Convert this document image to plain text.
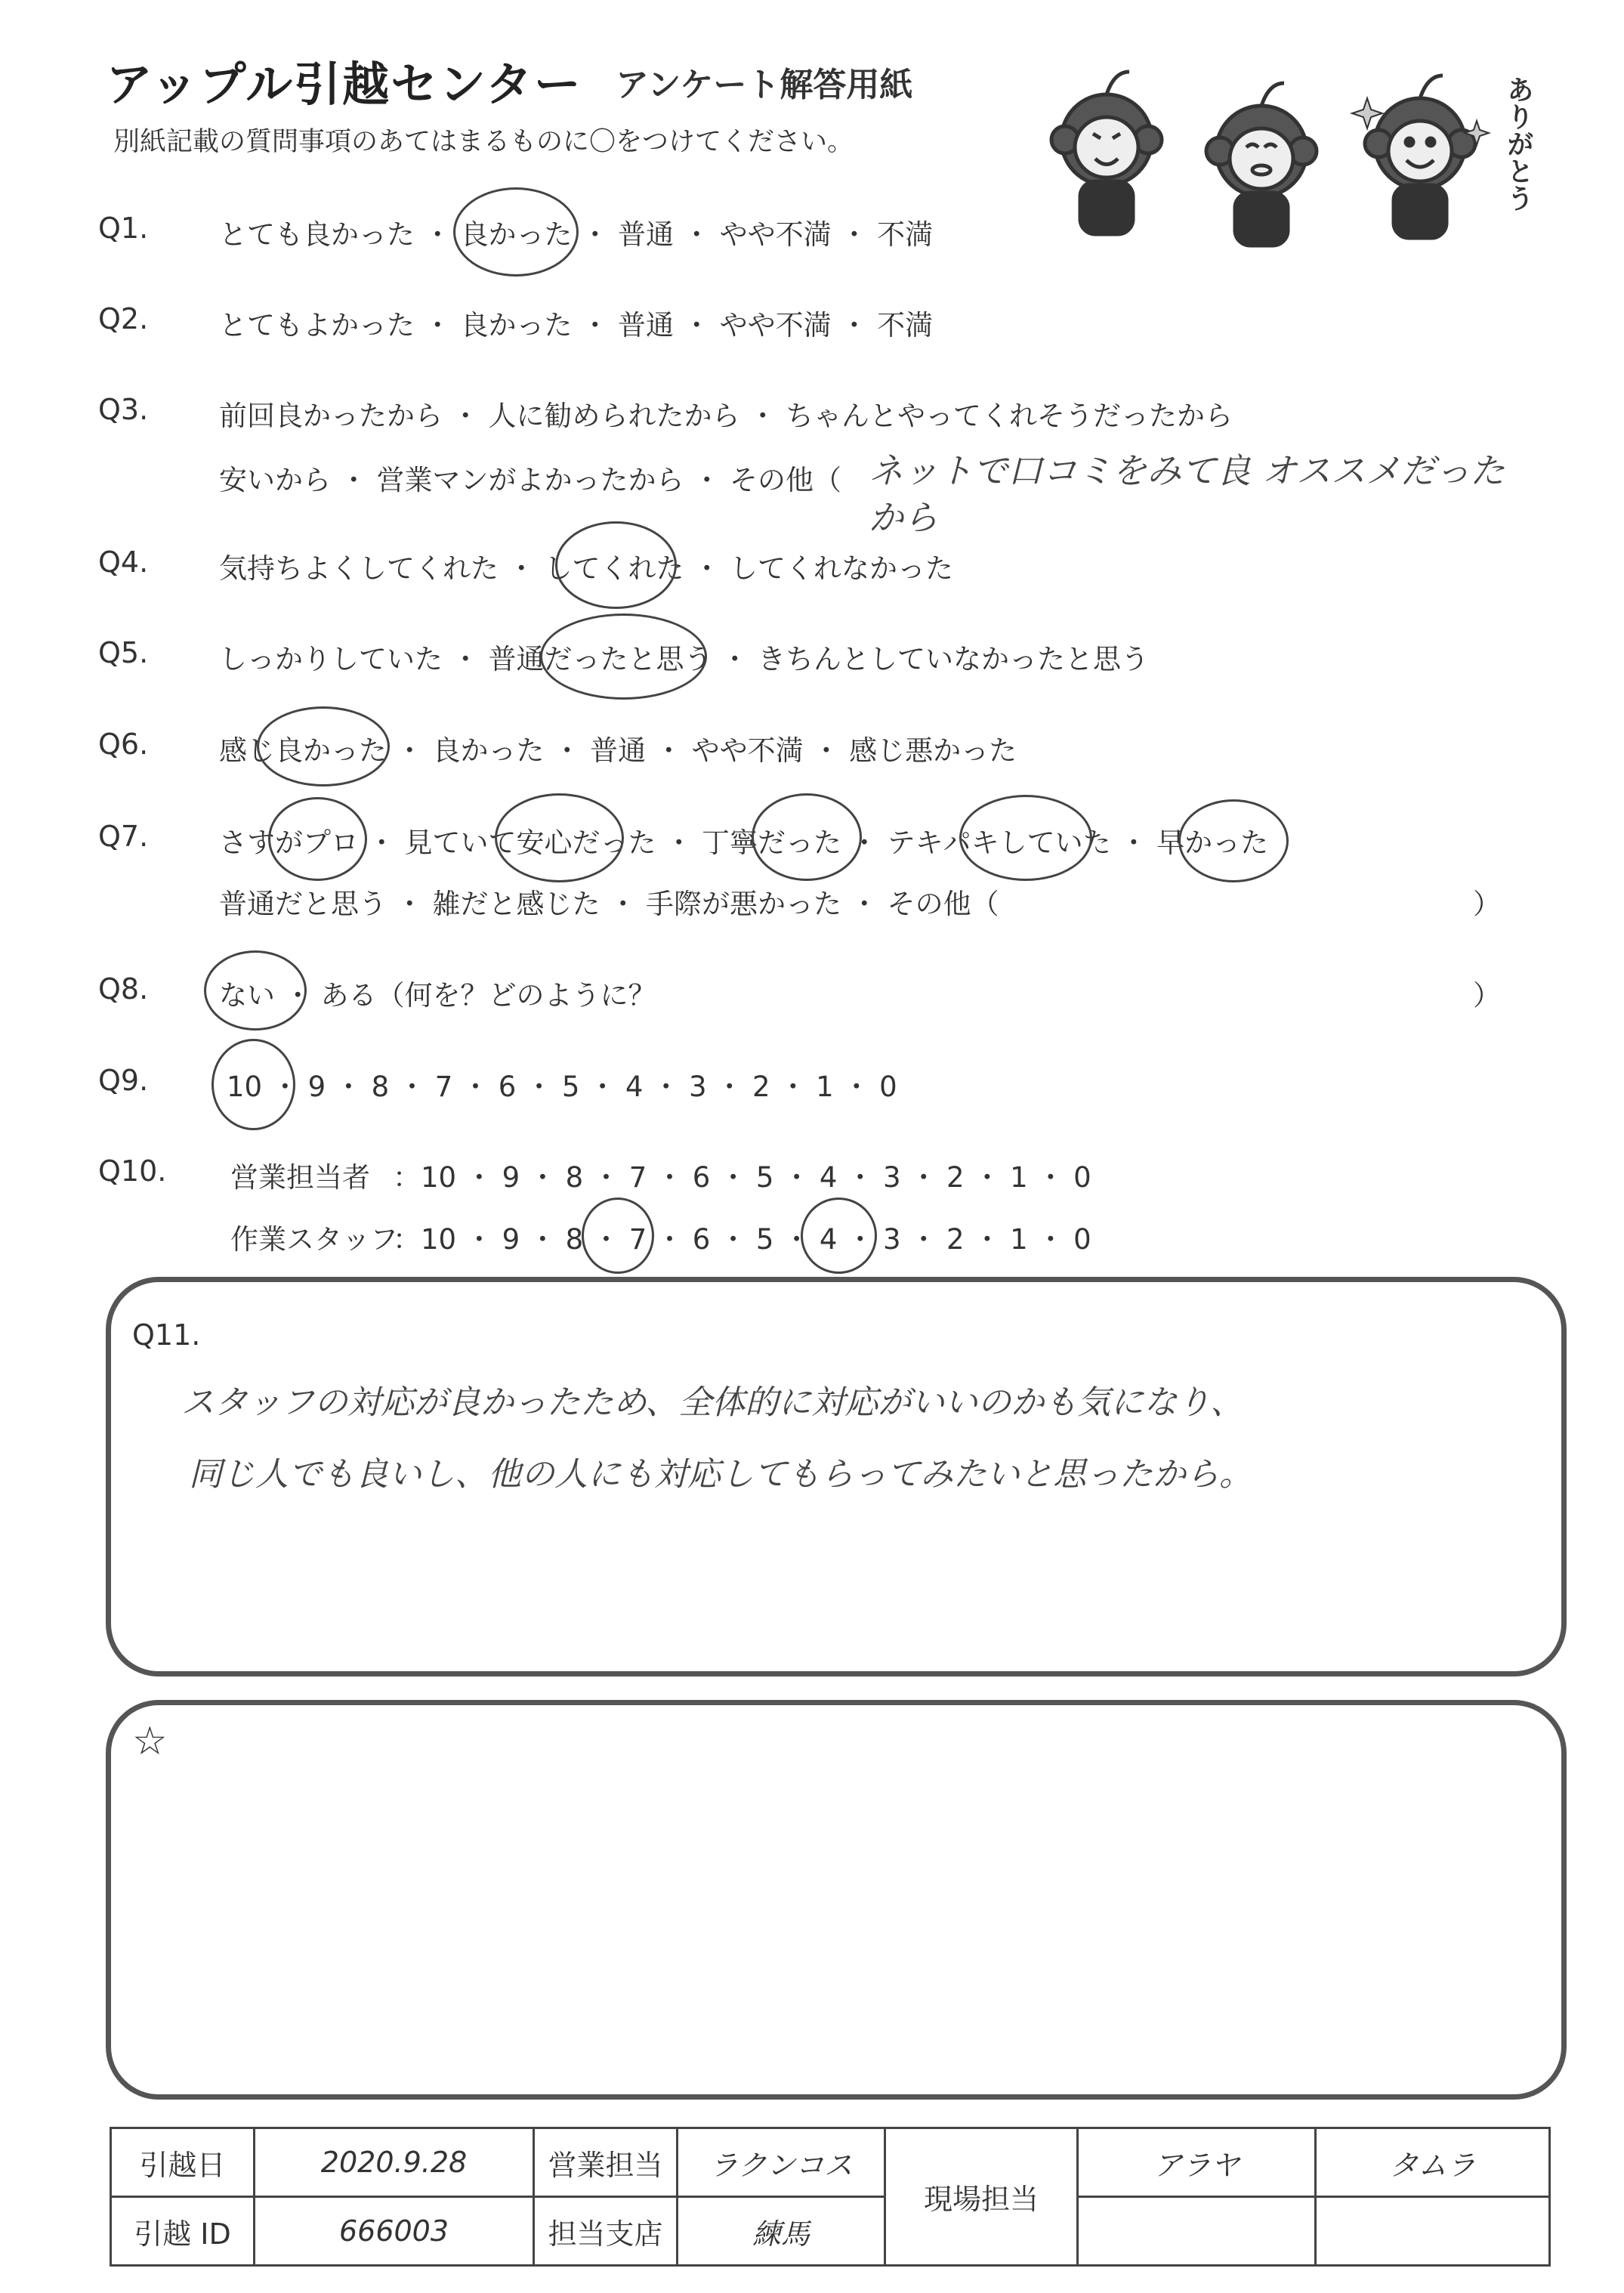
アップル引越センター アンケート解答用紙
別紙記載の質問事項のあてはまるものに〇をつけてください。	ありがとう
Q1.	とても良かった ・ 良かった ・ 普通 ・ やや不満 ・ 不満
Q2.	とてもよかった ・ 良かった ・ 普通 ・ やや不満 ・ 不満
Q3.	前回良かったから ・ 人に勧められたから ・ ちゃんとやってくれそうだったから
安いから ・ 営業マンがよかったから ・ その他（ ネットで口コミをみて良 オススメだったから
Q4.	気持ちよくしてくれた ・ してくれた ・ してくれなかった
Q5.	しっかりしていた ・ 普通だったと思う ・ きちんとしていなかったと思う
Q6.	感じ良かった ・ 良かった ・ 普通 ・ やや不満 ・ 感じ悪かった
Q7.	さすがプロ ・ 見ていて安心だった ・ 丁寧だった ・ テキパキしていた ・ 早かった
普通だと思う ・ 雑だと感じた ・ 手際が悪かった ・ その他（	）
Q8.	ない ・ ある（何を？どのように？	）
Q9.	10 ・ 9 ・ 8 ・ 7 ・ 6 ・ 5 ・ 4 ・ 3 ・ 2 ・ 1 ・ 0
Q10. 営業担当者 ：10 ・ 9 ・ 8 ・ 7 ・ 6 ・ 5 ・ 4 ・ 3 ・ 2 ・ 1 ・ 0
作業スタッフ
：10 ・ 9 ・ 8 ・ 7 ・ 6 ・ 5 ・ 4 ・ 3 ・ 2 ・ 1 ・ 0
Q11.
スタッフの対応が良かったため、全体的に対応がいいのかも気になり、
同じ人でも良いし、他の人にも対応してもらってみたいと思ったから。
☆
引越日	2020.9.28	営業担当	ラクンコス	現場担当	アラヤ	タムラ
引越 ID	666003	担当支店	練馬			
